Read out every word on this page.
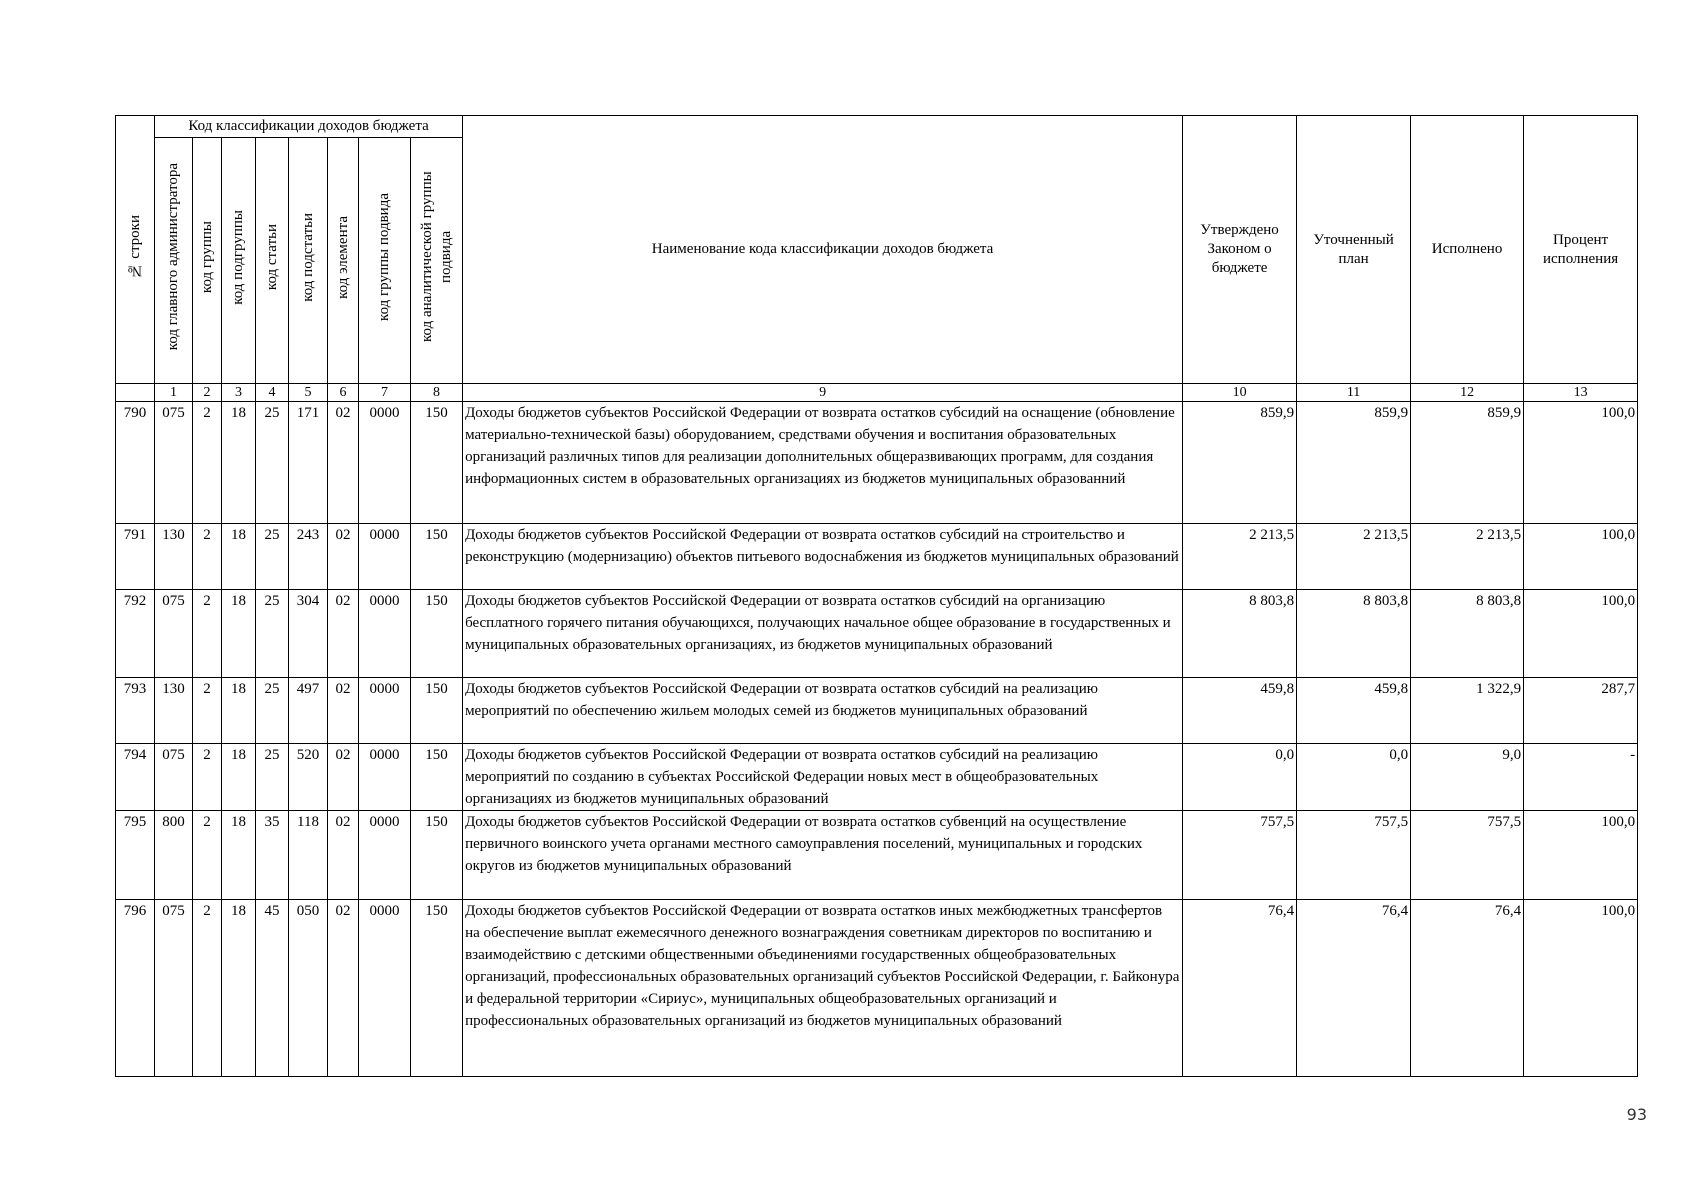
№ строки	Код классификации доходов бюджета								Наименование кода классификации доходов бюджета	Утверждено Законом о бюджете	Уточненный план	Исполнено	Процент исполнения
	код главного администратора	код группы	код подгруппы	код статьи	код подстатьи	код элемента	код группы подвида	код аналитической группы подвида					
	1	2	3	4	5	6	7	8	9	10	11	12	13
790	075	2	18	25	171	02	0000	150	Доходы бюджетов субъектов Российской Федерации от возврата остатков субсидий на оснащение (обновление материально-технической базы) оборудованием, средствами обучения и воспитания образовательных организаций различных типов для реализации дополнительных общеразвивающих программ, для создания информационных систем в образовательных организациях из бюджетов муниципальных образованний	859,9	859,9	859,9	100,0
791	130	2	18	25	243	02	0000	150	Доходы бюджетов субъектов Российской Федерации от возврата остатков субсидий на строительство и реконструкцию (модернизацию) объектов питьевого водоснабжения из бюджетов муниципальных образований	2 213,5	2 213,5	2 213,5	100,0
792	075	2	18	25	304	02	0000	150	Доходы бюджетов субъектов Российской Федерации от возврата остатков субсидий на организацию бесплатного горячего питания обучающихся, получающих начальное общее образование в государственных и муниципальных образовательных организациях, из бюджетов муниципальных образований	8 803,8	8 803,8	8 803,8	100,0
793	130	2	18	25	497	02	0000	150	Доходы бюджетов субъектов Российской Федерации от возврата остатков субсидий на реализацию мероприятий по обеспечению жильем молодых семей из бюджетов муниципальных образований	459,8	459,8	1 322,9	287,7
794	075	2	18	25	520	02	0000	150	Доходы бюджетов субъектов Российской Федерации от возврата остатков субсидий на реализацию мероприятий по созданию в субъектах Российской Федерации новых мест в общеобразовательных организациях из бюджетов муниципальных образований	0,0	0,0	9,0	-
795	800	2	18	35	118	02	0000	150	Доходы бюджетов субъектов Российской Федерации от возврата остатков субвенций на осуществление первичного воинского учета органами местного самоуправления поселений, муниципальных и городских округов из бюджетов муниципальных образований	757,5	757,5	757,5	100,0
796	075	2	18	45	050	02	0000	150	Доходы бюджетов субъектов Российской Федерации от возврата остатков иных межбюджетных трансфертов на обеспечение выплат ежемесячного денежного вознаграждения советникам директоров по воспитанию и взаимодействию с детскими общественными объединениями государственных общеобразовательных организаций, профессиональных образовательных организаций субъектов Российской Федерации, г. Байконура и федеральной территории «Сириус», муниципальных общеобразовательных организаций и профессиональных образовательных организаций из бюджетов муниципальных образований	76,4	76,4	76,4	100,0
93
